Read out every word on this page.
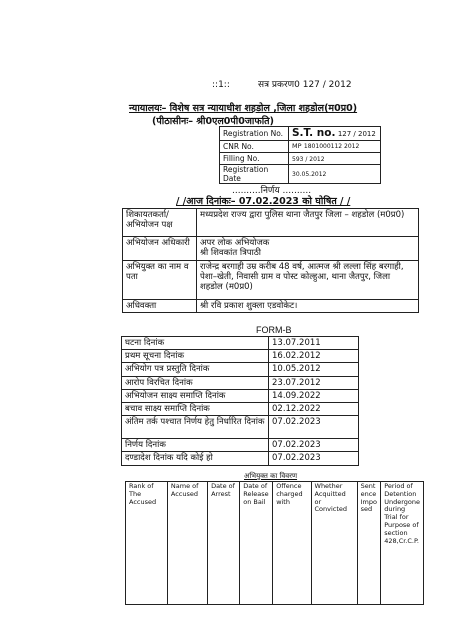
::1::	सत्र प्रकरण0 127 / 2012
न्यायालयः– विशेष सत्र न्यायाधीश शहडोल ,जिला शहडोल(म0प्र0)
(पीठासीनः– श्री0एल0पी0जाफति)
Registration No.	S.T. no. 127 / 2012
CNR No.	MP 1801000112 2012
Filling No.	593 / 2012
Registration Date	30.05.2012
..........निर्णय ..........
/ /आज दिनांकः– 07.02.2023 को घोषित / /
शिकायतकर्ता/ अभियोजन पक्ष	मध्यप्रदेश राज्य द्वारा पुलिस थाना जैतपुर जिला – शहडोल (म0प्र0)
अभियोजन अधिकारी	अपर लोक अभियोजक
श्री शिवकांत त्रिपाठी
अभियुक्त का नाम व पता	राजेन्द्र बरगाही उम्र करीब 48 वर्ष, आत्मज श्री लल्ला सिंह बरगाही, पेशा–खेती, निवासी ग्राम व पोस्ट कोल्हुआ, थाना जैतपुर, जिला शहडोल (म0प्र0)
अधिवक्ता	श्री रवि प्रकाश शुक्ला एडवोकेट।
FORM-B
घटना दिनांक	13.07.2011
प्रथम सूचना दिनांक	16.02.2012
अभियोग पत्र प्रस्तुति दिनांक	10.05.2012
आरोप विरचित दिनांक	23.07.2012
अभियोजन साक्ष्य समाप्ति दिनांक	14.09.2022
बचाव साक्ष्य समाप्ति दिनांक	02.12.2022
अंतिम तर्क पश्चात निर्णय हेतु निर्धारित दिनांक	07.02.2023
निर्णय दिनांक	07.02.2023
दण्डादेश दिनांक यदि कोई हो	07.02.2023
अभियुक्त का विवरण
Rank of The Accused	Name of Accused	Date of Arrest	Date of Release on Bail	Offence charged with	Whether Acquitted or Convicted	Sentence Imposed	Period of Detention Undergone during Trial for Purpose of section 428,Cr.C.P.
